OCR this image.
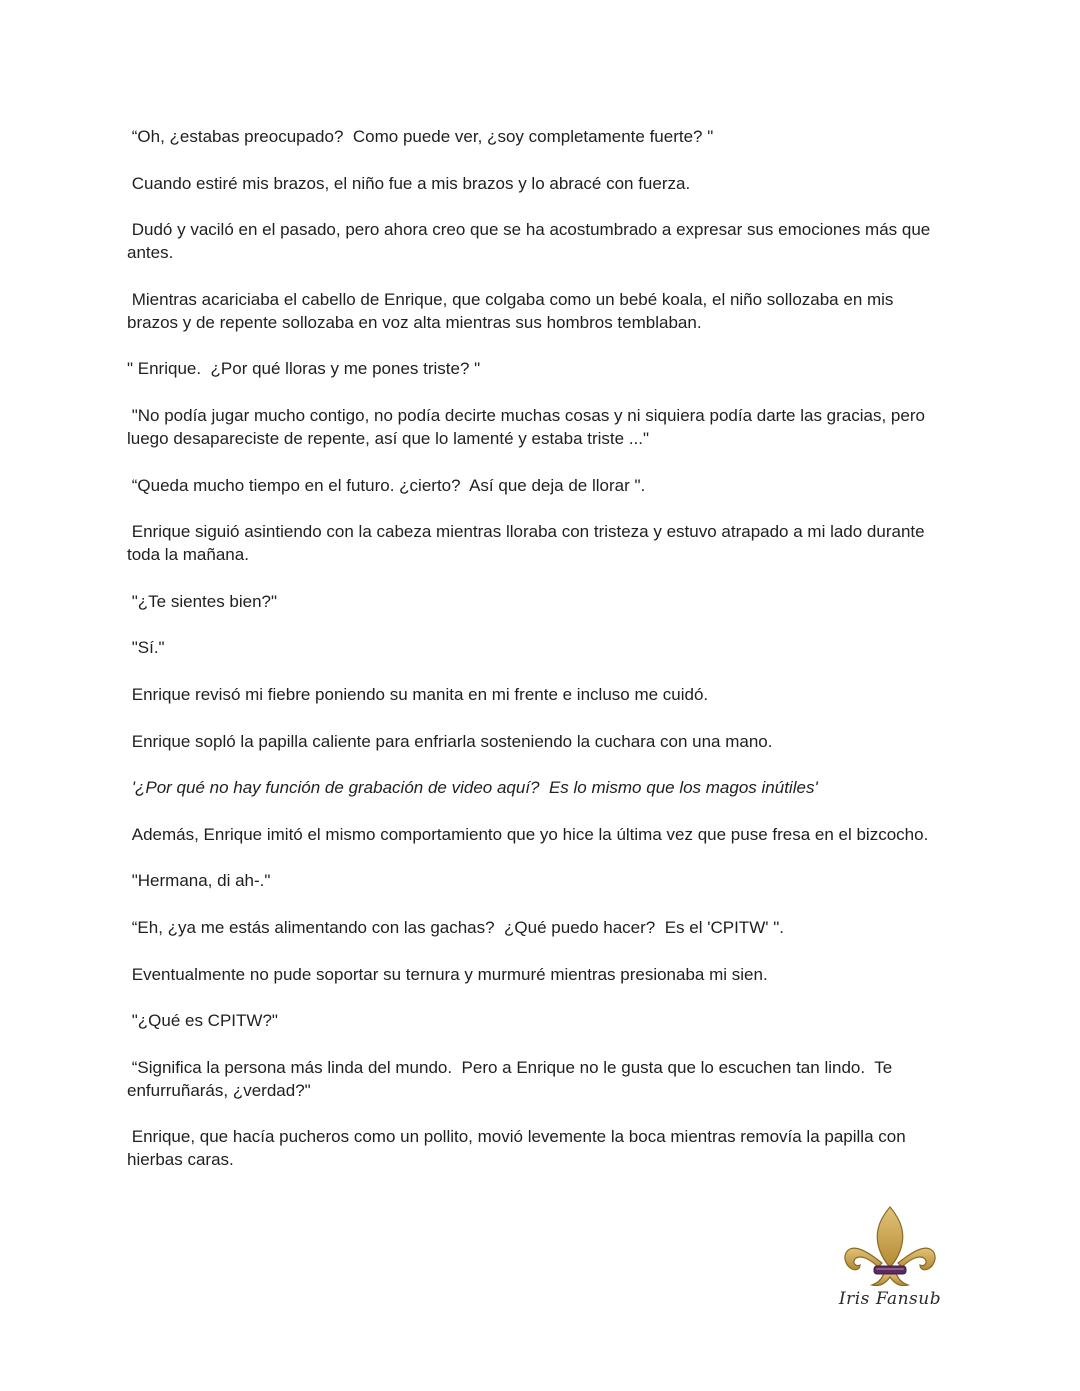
“Oh, ¿estabas preocupado?  Como puede ver, ¿soy completamente fuerte? "

Cuando estiré mis brazos, el niño fue a mis brazos y lo abracé con fuerza.

Dudó y vaciló en el pasado, pero ahora creo que se ha acostumbrado a expresar sus emociones más que antes.

Mientras acariciaba el cabello de Enrique, que colgaba como un bebé koala, el niño sollozaba en mis brazos y de repente sollozaba en voz alta mientras sus hombros temblaban.

" Enrique.  ¿Por qué lloras y me pones triste? "

"No podía jugar mucho contigo, no podía decirte muchas cosas y ni siquiera podía darte las gracias, pero luego desapareciste de repente, así que lo lamenté y estaba triste ..."

“Queda mucho tiempo en el futuro. ¿cierto?  Así que deja de llorar ".

Enrique siguió asintiendo con la cabeza mientras lloraba con tristeza y estuvo atrapado a mi lado durante toda la mañana.

"¿Te sientes bien?"

"Sí."

Enrique revisó mi fiebre poniendo su manita en mi frente e incluso me cuidó.

Enrique sopló la papilla caliente para enfriarla sosteniendo la cuchara con una mano.

'¿Por qué no hay función de grabación de video aquí?  Es lo mismo que los magos inútiles'

Además, Enrique imitó el mismo comportamiento que yo hice la última vez que puse fresa en el bizcocho.

"Hermana, di ah-."

“Eh, ¿ya me estás alimentando con las gachas?  ¿Qué puedo hacer?  Es el 'CPITW' ".

Eventualmente no pude soportar su ternura y murmuré mientras presionaba mi sien.

"¿Qué es CPITW?"

“Significa la persona más linda del mundo.  Pero a Enrique no le gusta que lo escuchen tan lindo.  Te enfurruñarás, ¿verdad?"

Enrique, que hacía pucheros como un pollito, movió levemente la boca mientras removía la papilla con hierbas caras.

Iris Fansub
